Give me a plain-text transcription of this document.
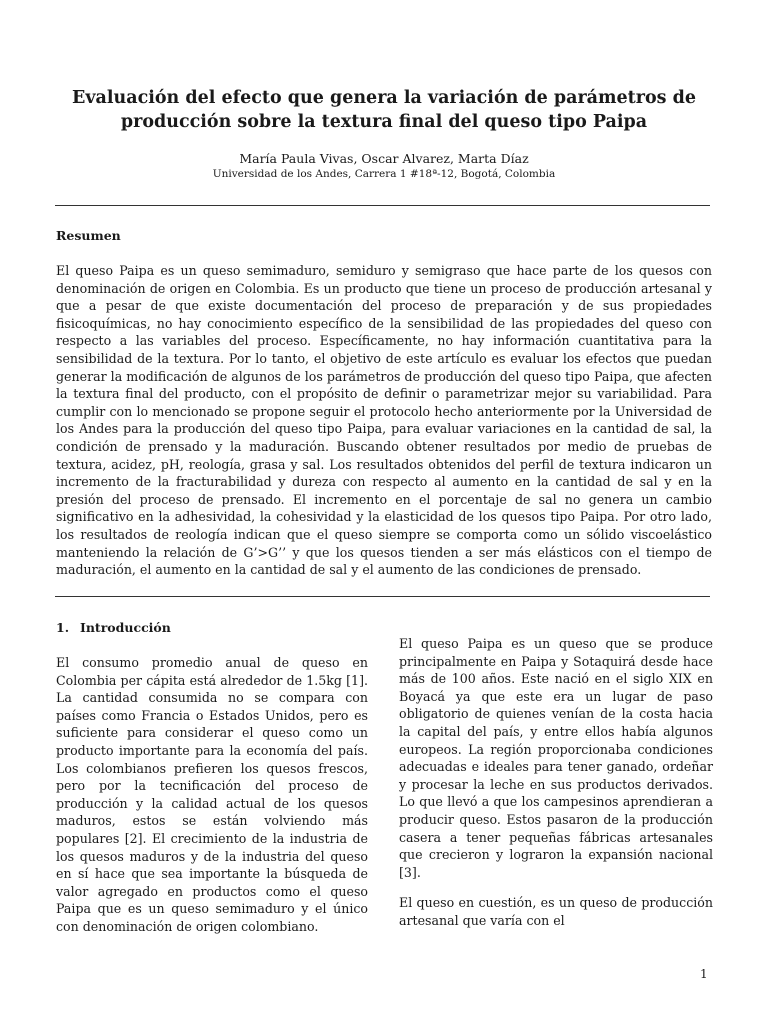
Evaluación del efecto que genera la variación de parámetros de producción sobre la textura final del queso tipo Paipa
María Paula Vivas, Oscar Alvarez, Marta Díaz
Universidad de los Andes, Carrera 1 #18ª-12, Bogotá, Colombia
Resumen

El queso Paipa es un queso semimaduro, semiduro y semigraso que hace parte de los quesos con denominación de origen en Colombia. Es un producto que tiene un proceso de producción artesanal y que a pesar de que existe documentación del proceso de preparación y de sus propiedades fisicoquímicas, no hay conocimiento específico de la sensibilidad de las propiedades del queso con respecto a las variables del proceso. Específicamente, no hay información cuantitativa para la sensibilidad de la textura. Por lo tanto, el objetivo de este artículo es evaluar los efectos que puedan generar la modificación de algunos de los parámetros de producción del queso tipo Paipa, que afecten la textura final del producto, con el propósito de definir o parametrizar mejor su variabilidad. Para cumplir con lo mencionado se propone seguir el protocolo hecho anteriormente por la Universidad de los Andes para la producción del queso tipo Paipa, para evaluar variaciones en la cantidad de sal, la condición de prensado y la maduración. Buscando obtener resultados por medio de pruebas de textura, acidez, pH, reología, grasa y sal. Los resultados obtenidos del perfil de textura indicaron un incremento de la fracturabilidad y dureza con respecto al aumento en la cantidad de sal y en la presión del proceso de prensado. El incremento en el porcentaje de sal no genera un cambio significativo en la adhesividad, la cohesividad y la elasticidad de los quesos tipo Paipa. Por otro lado, los resultados de reología indican que el queso siempre se comporta como un sólido viscoelástico manteniendo la relación de G’>G’’ y que los quesos tienden a ser más elásticos con el tiempo de maduración, el aumento en la cantidad de sal y el aumento de las condiciones de prensado.

1. Introducción

El consumo promedio anual de queso en Colombia per cápita está alrededor de 1.5kg [1]. La cantidad consumida no se compara con países como Francia o Estados Unidos, pero es suficiente para considerar el queso como un producto importante para la economía del país. Los colombianos prefieren los quesos frescos, pero por la tecnificación del proceso de producción y la calidad actual de los quesos maduros, estos se están volviendo más populares [2]. El crecimiento de la industria de los quesos maduros y de la industria del queso en sí hace que sea importante la búsqueda de valor agregado en productos como el queso Paipa que es un queso semimaduro y el único con denominación de origen colombiano.

El queso Paipa es un queso que se produce principalmente en Paipa y Sotaquirá desde hace más de 100 años. Este nació en el siglo XIX en Boyacá ya que este era un lugar de paso obligatorio de quienes venían de la costa hacia la capital del país, y entre ellos había algunos europeos. La región proporcionaba condiciones adecuadas e ideales para tener ganado, ordeñar y procesar la leche en sus productos derivados. Lo que llevó a que los campesinos aprendieran a producir queso. Estos pasaron de la producción casera a tener pequeñas fábricas artesanales que crecieron y lograron la expansión nacional [3].

El queso en cuestión, es un queso de producción artesanal que varía con el

1
